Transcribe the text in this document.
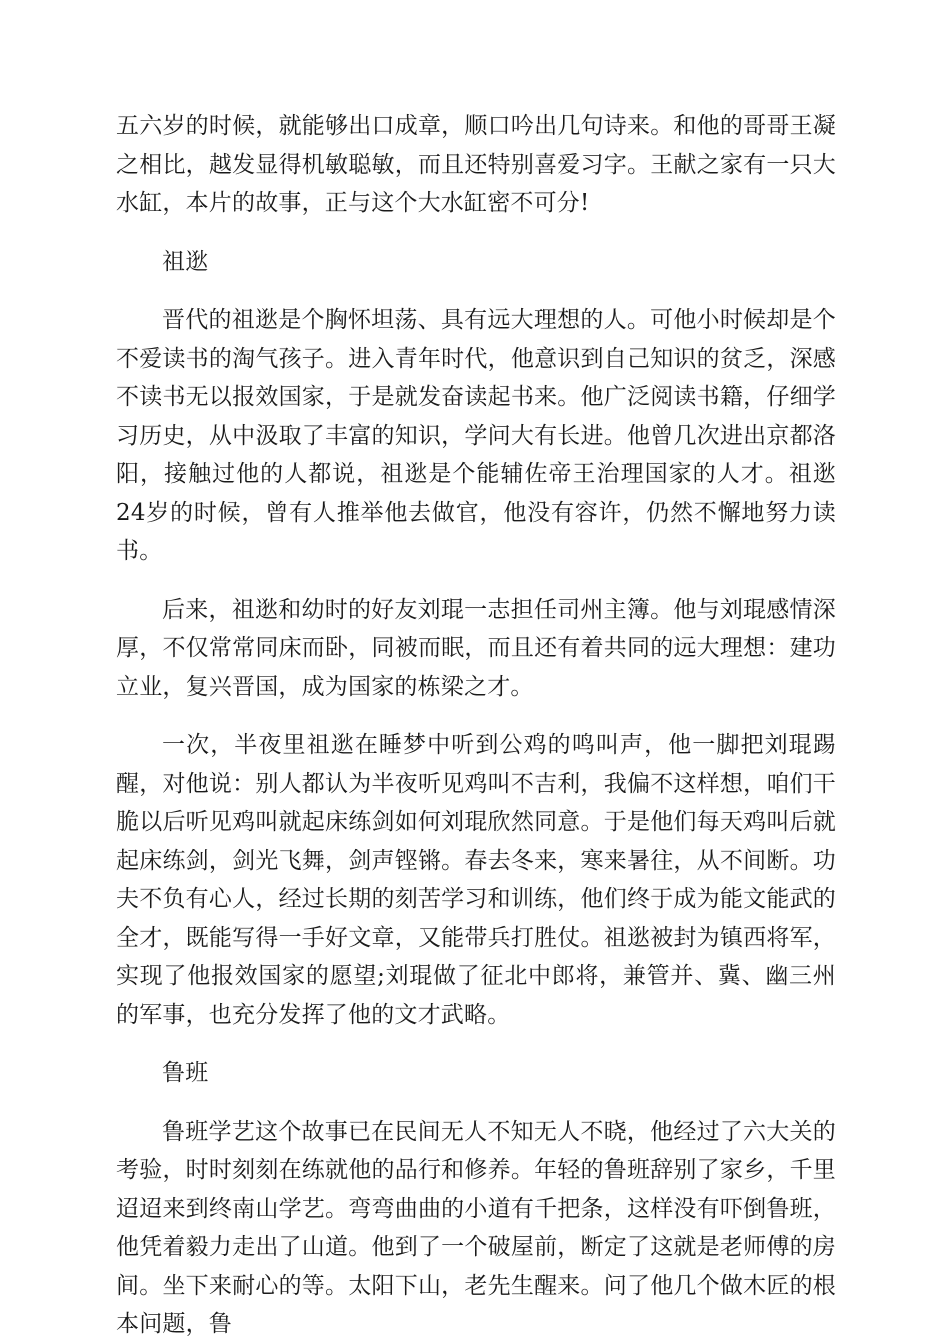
五六岁的时候，就能够出口成章，顺口吟出几句诗来。和他的哥哥王凝之相比，越发显得机敏聪敏，而且还特别喜爱习字。王献之家有一只大水缸，本片的故事，正与这个大水缸密不可分!

祖逖

晋代的祖逖是个胸怀坦荡、具有远大理想的人。可他小时候却是个不爱读书的淘气孩子。进入青年时代，他意识到自己知识的贫乏，深感不读书无以报效国家，于是就发奋读起书来。他广泛阅读书籍，仔细学习历史，从中汲取了丰富的知识，学问大有长进。他曾几次进出京都洛阳，接触过他的人都说，祖逖是个能辅佐帝王治理国家的人才。祖逖24岁的时候，曾有人推举他去做官，他没有容许，仍然不懈地努力读书。

后来，祖逖和幼时的好友刘琨一志担任司州主簿。他与刘琨感情深厚，不仅常常同床而卧，同被而眠，而且还有着共同的远大理想：建功立业，复兴晋国，成为国家的栋梁之才。

一次，半夜里祖逖在睡梦中听到公鸡的鸣叫声，他一脚把刘琨踢醒，对他说：别人都认为半夜听见鸡叫不吉利，我偏不这样想，咱们干脆以后听见鸡叫就起床练剑如何刘琨欣然同意。于是他们每天鸡叫后就起床练剑，剑光飞舞，剑声铿锵。春去冬来，寒来暑往，从不间断。功夫不负有心人，经过长期的刻苦学习和训练，他们终于成为能文能武的全才，既能写得一手好文章，又能带兵打胜仗。祖逖被封为镇西将军，实现了他报效国家的愿望;刘琨做了征北中郎将，兼管并、冀、幽三州的军事，也充分发挥了他的文才武略。

鲁班

鲁班学艺这个故事已在民间无人不知无人不晓，他经过了六大关的考验，时时刻刻在练就他的品行和修养。年轻的鲁班辞别了家乡，千里迢迢来到终南山学艺。弯弯曲曲的小道有千把条，这样没有吓倒鲁班，他凭着毅力走出了山道。他到了一个破屋前，断定了这就是老师傅的房间。坐下来耐心的等。太阳下山，老先生醒来。问了他几个做木匠的根本问题，鲁
